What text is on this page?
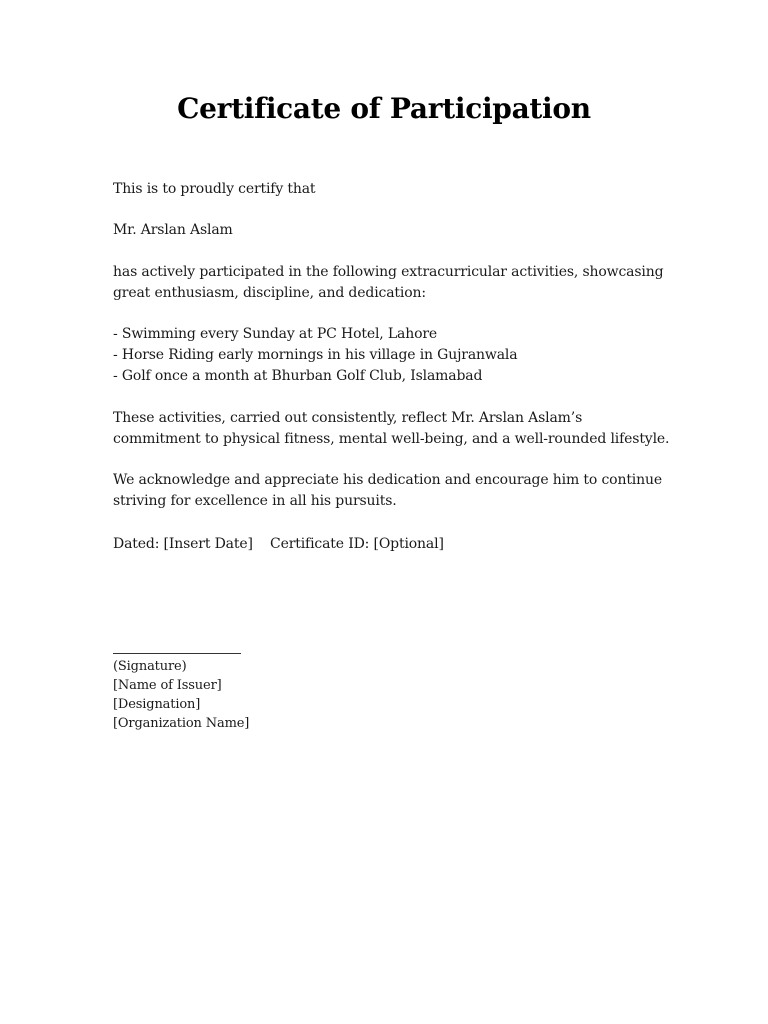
Certificate of Participation

This is to proudly certify that

Mr. Arslan Aslam

has actively participated in the following extracurricular activities, showcasing great enthusiasm, discipline, and dedication:

- Swimming every Sunday at PC Hotel, Lahore
- Horse Riding early mornings in his village in Gujranwala
- Golf once a month at Bhurban Golf Club, Islamabad

These activities, carried out consistently, reflect Mr. Arslan Aslam’s commitment to physical fitness, mental well-being, and a well-rounded lifestyle.

We acknowledge and appreciate his dedication and encourage him to continue striving for excellence in all his pursuits.

Dated: [Insert Date]    Certificate ID: [Optional]

(Signature)
[Name of Issuer]
[Designation]
[Organization Name]
